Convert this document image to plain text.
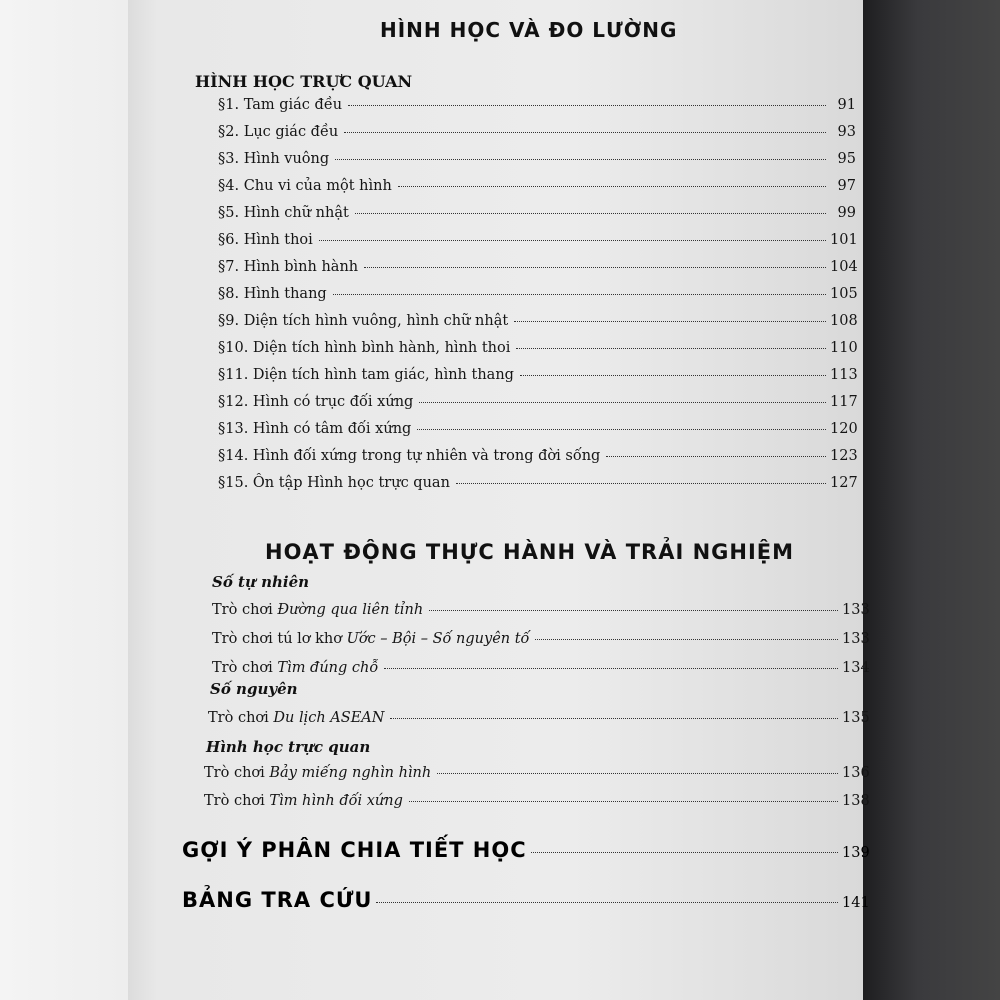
HÌNH HỌC VÀ ĐO LƯỜNG
HÌNH HỌC TRỰC QUAN
§1. Tam giác đều	91
§2. Lục giác đều	93
§3. Hình vuông	95
§4. Chu vi của một hình	97
§5. Hình chữ nhật	99
§6. Hình thoi	101
§7. Hình bình hành	104
§8. Hình thang	105
§9. Diện tích hình vuông, hình chữ nhật	108
§10. Diện tích hình bình hành, hình thoi	110
§11. Diện tích hình tam giác, hình thang	113
§12. Hình có trục đối xứng	117
§13. Hình có tâm đối xứng	120
§14. Hình đối xứng trong tự nhiên và trong đời sống	123
§15. Ôn tập Hình học trực quan	127
HOẠT ĐỘNG THỰC HÀNH VÀ TRẢI NGHIỆM
Số tự nhiên
Trò chơi Đường qua liên tỉnh	133
Trò chơi tú lơ khơ Ước – Bội – Số nguyên tố	133
Trò chơi Tìm đúng chỗ	134
Số nguyên
Trò chơi Du lịch ASEAN	135
Hình học trực quan
Trò chơi Bảy miếng nghìn hình	136
Trò chơi Tìm hình đối xứng	138
GỢI Ý PHÂN CHIA TIẾT HỌC	139
BẢNG TRA CỨU	141
